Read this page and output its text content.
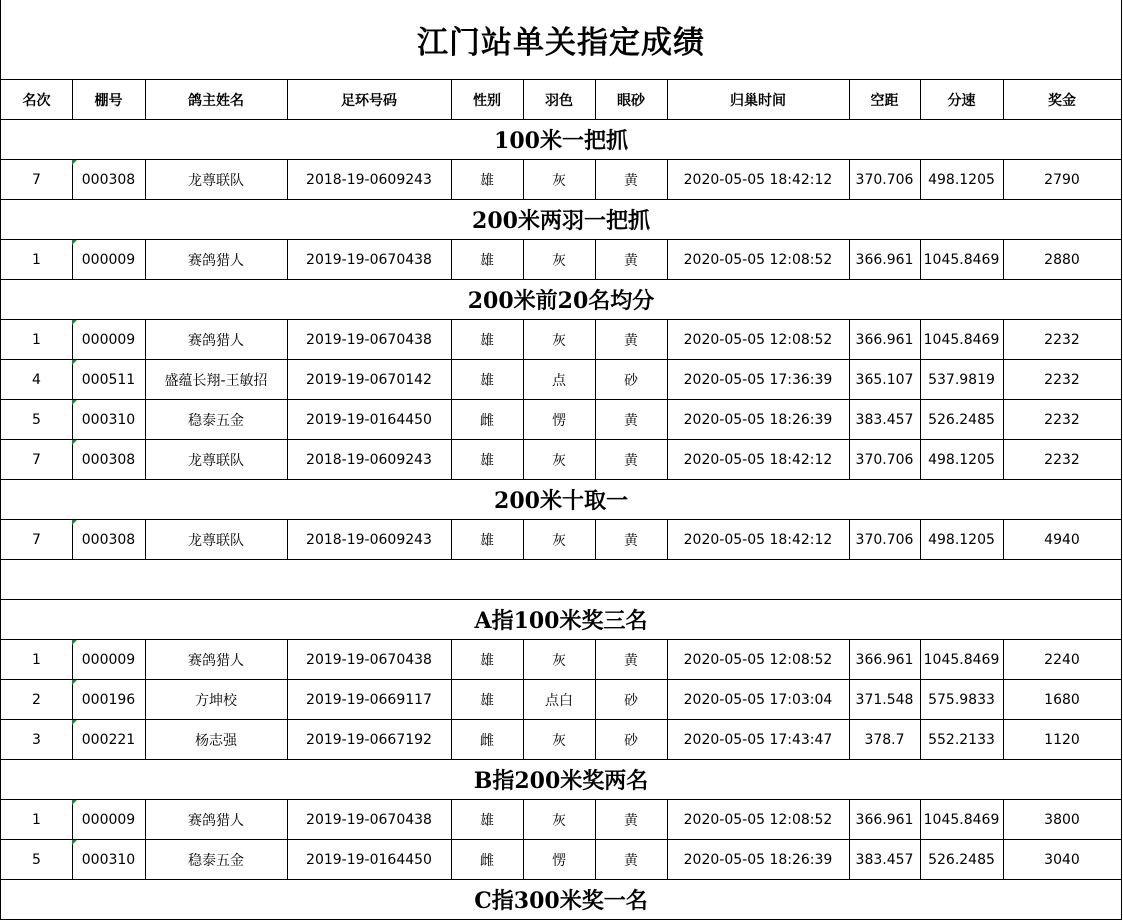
江门站单关指定成绩
名次	棚号	鸽主姓名	足环号码	性别	羽色	眼砂	归巢时间	空距	分速	奖金
100米一把抓
7	000308	龙尊联队	2018-19-0609243	雄	灰	黄	2020-05-05 18:42:12	370.706	498.1205	2790
200米两羽一把抓
1	000009	赛鸽猎人	2019-19-0670438	雄	灰	黄	2020-05-05 12:08:52	366.961 1045.8469	2880
200米前20名均分
1	000009	赛鸽猎人	2019-19-0670438	雄	灰	黄	2020-05-05 12:08:52	366.961 1045.8469	2232
4	000511	盛蕴长翔-王敏招	2019-19-0670142	雄	点	砂	2020-05-05 17:36:39	365.107	537.9819	2232
5	000310	稳泰五金	2019-19-0164450	雌	愣	黄	2020-05-05 18:26:39	383.457	526.2485	2232
7	000308	龙尊联队	2018-19-0609243	雄	灰	黄	2020-05-05 18:42:12	370.706	498.1205	2232
200米十取一
7	000308	龙尊联队	2018-19-0609243	雄	灰	黄	2020-05-05 18:42:12	370.706	498.1205	4940
A指100米奖三名
1	000009	赛鸽猎人	2019-19-0670438	雄	灰	黄	2020-05-05 12:08:52	366.961 1045.8469	2240
2	000196	方坤校	2019-19-0669117	雄	点白	砂	2020-05-05 17:03:04	371.548	575.9833	1680
3	000221	杨志强	2019-19-0667192	雌	灰	砂	2020-05-05 17:43:47	378.7	552.2133	1120
B指200米奖两名
1	000009	赛鸽猎人	2019-19-0670438	雄	灰	黄	2020-05-05 12:08:52	366.961 1045.8469	3800
5	000310	稳泰五金	2019-19-0164450	雌	愣	黄	2020-05-05 18:26:39	383.457	526.2485	3040
C指300米奖一名
